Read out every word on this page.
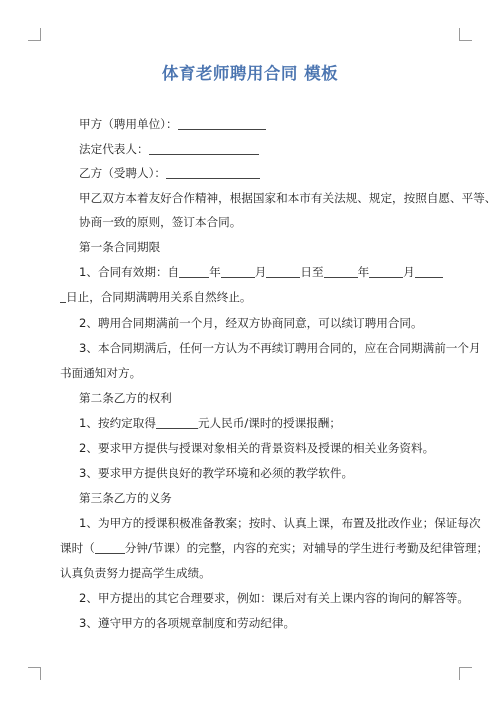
体育老师聘用合同 模板
甲方（聘用单位）：
法定代表人：
乙方（受聘人）：
甲乙双方本着友好合作精神，根据国家和本市有关法规、规定，按照自愿、平等、
协商一致的原则，签订本合同。
第一条合同期限
1、合同有效期：自	年	月	日至	年	月
日止，合同期满聘用关系自然终止。
2、聘用合同期满前一个月，经双方协商同意，可以续订聘用合同。
3、本合同期满后，任何一方认为不再续订聘用合同的，应在合同期满前一个月
书面通知对方。
第二条乙方的权利
1、按约定取得	元人民币/课时的授课报酬；
2、要求甲方提供与授课对象相关的背景资料及授课的相关业务资料。
3、要求甲方提供良好的教学环境和必须的教学软件。
第三条乙方的义务
1、为甲方的授课积极准备教案；按时、认真上课，布置及批改作业；保证每次
课时（	分钟/节课）的完整，内容的充实；对辅导的学生进行考勤及纪律管理；
认真负责努力提高学生成绩。
2、甲方提出的其它合理要求，例如：课后对有关上课内容的询问的解答等。
3、遵守甲方的各项规章制度和劳动纪律。
